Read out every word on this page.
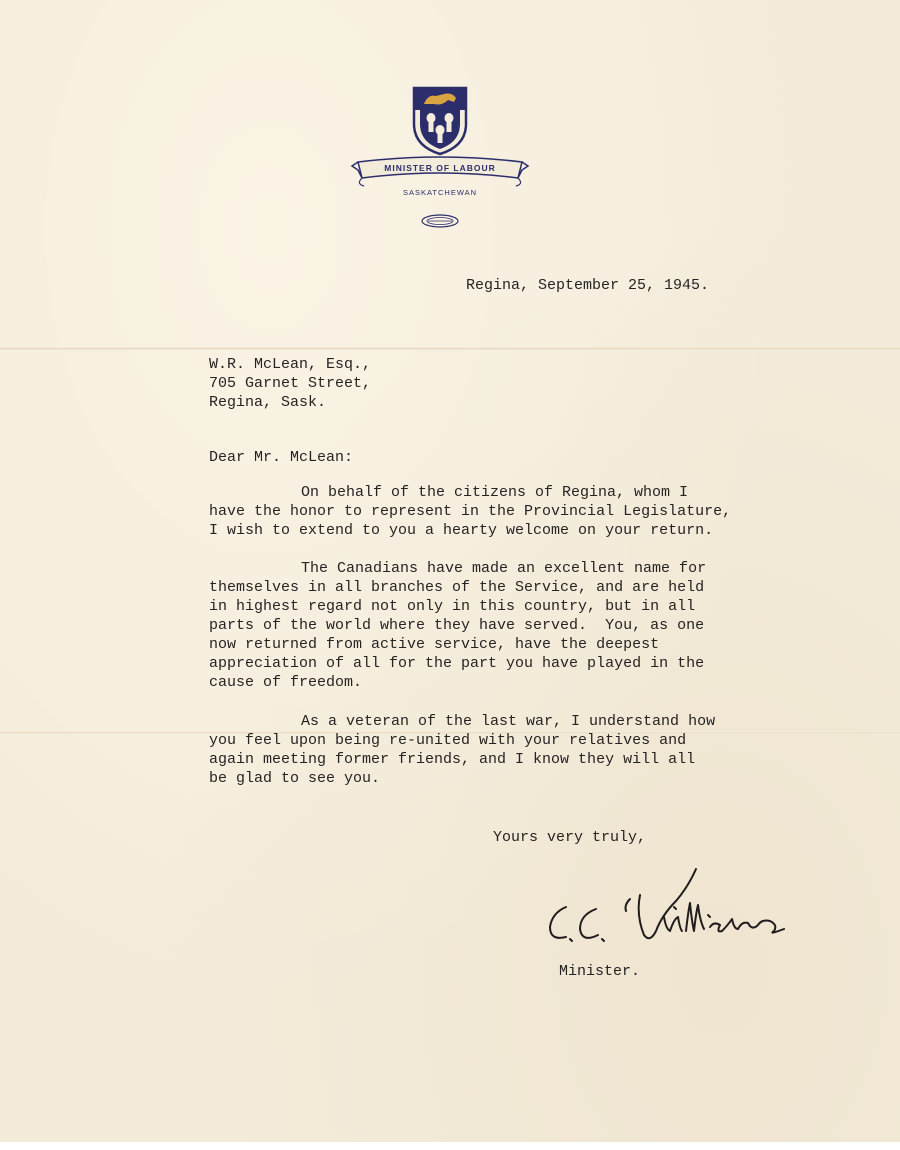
MINISTER OF LABOUR
SASKATCHEWAN
Regina, September 25, 1945.
W.R. McLean, Esq.,
705 Garnet Street,
Regina, Sask.
Dear Mr. McLean:
On behalf of the citizens of Regina, whom I
have the honor to represent in the Provincial Legislature,
I wish to extend to you a hearty welcome on your return.
The Canadians have made an excellent name for
themselves in all branches of the Service, and are held
in highest regard not only in this country, but in all
parts of the world where they have served.  You, as one
now returned from active service, have the deepest
appreciation of all for the part you have played in the
cause of freedom.
As a veteran of the last war, I understand how
you feel upon being re-united with your relatives and
again meeting former friends, and I know they will all
be glad to see you.
Yours very truly,
Minister.
